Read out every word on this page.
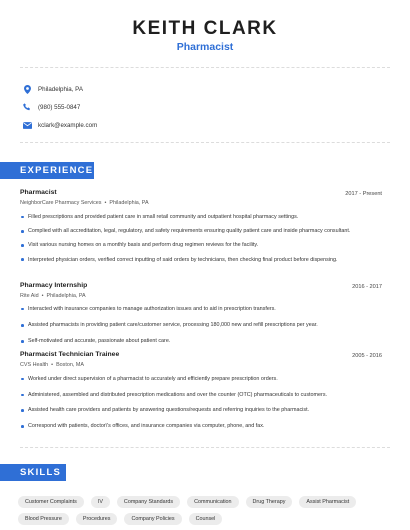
KEITH CLARK
Pharmacist
Philadelphia, PA
(980) 555-0847
kclark@example.com
EXPERIENCE
Pharmacist	2017 - Present
NeighborCare Pharmacy Services • Philadelphia, PA
Filled prescriptions and provided patient care in small retail community and outpatient hospital pharmacy settings.
Complied with all accreditation, legal, regulatory, and safety requirements ensuring quality patient care and inside pharmacy consultant.
Visit various nursing homes on a monthly basis and perform drug regimen reviews for the facility.
Interpreted physician orders, verified correct inputting of said orders by technicians, then checking final product before dispensing.
Pharmacy Internship	2016 - 2017
Rite Aid • Philadelphia, PA
Interacted with insurance companies to manage authorization issues and to aid in prescription transfers.
Assisted pharmacists in providing patient care/customer service, processing 180,000 new and refill prescriptions per year.
Self-motivated and accurate, passionate about patient care.
Pharmacist Technician Trainee	2005 - 2016
CVS Health • Boston, MA
Worked under direct supervision of a pharmacist to accurately and efficiently prepare prescription orders.
Administered, assembled and distributed prescription medications and over the counter (OTC) pharmaceuticals to customers.
Assisted health care providers and patients by answering questions/requests and referring inquiries to the pharmacist.
Correspond with patients, doctor\'s offices, and insurance companies via computer, phone, and fax.
SKILLS
Customer Complaints	IV	Company Standards	Communication	Drug Therapy	Assist Pharmacist
Blood Pressure	Procedures	Company Policies	Counsel
